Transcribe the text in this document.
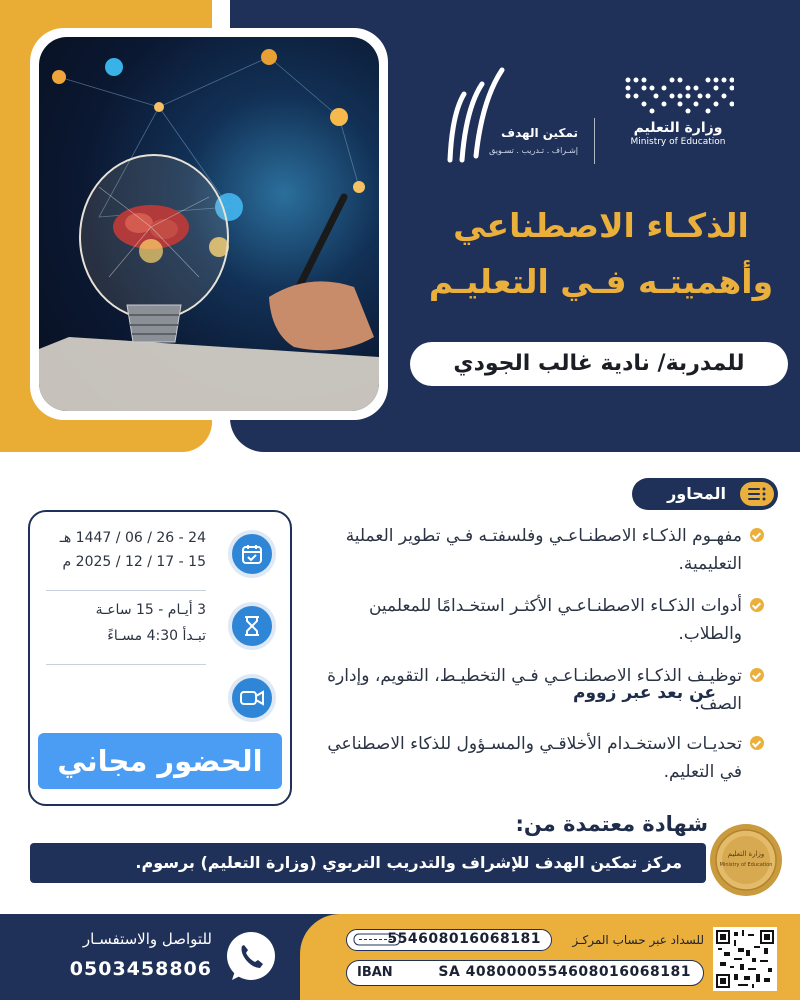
وزارة التعليم
Ministry of Education
تمكين الهدف
إشـراف . تـدريب . تسـويق
الذكـاء الاصطناعي
وأهميتـه فـي التعليـم
للمدربة/ نادية غالب الجودي
المحاور
مفهـوم الذكـاء الاصطنـاعـي وفلسفتـه فـي تطوير العملية التعليمية.
أدوات الذكـاء الاصطنـاعـي الأكثـر استخـدامًا للمعلمين والطلاب.
توظيـف الذكـاء الاصطنـاعـي فـي التخطيـط، التقويم، وإدارة الصف.
تحديـات الاستخـدام الأخلاقـي والمسـؤول للذكاء الاصطناعي في التعليم.
24 - 26 / 06 / 1447 هـ
15 - 17 / 12 / 2025 م
3 أيـام - 15 ساعـة
تبـدأ 4:30 مسـاءً
عن بعد عبر زووم
الحضور مجاني
شهادة معتمدة من:
مركز تمكين الهدف للإشراف والتدريب التربوي (وزارة التعليم) برسوم.	وزارة التعليم
Ministry of Education
للتواصل والاستفسـار
0503458806
للسداد عبر حساب المركـز
554608016068181
IBAN	SA 4080000554608016068181
